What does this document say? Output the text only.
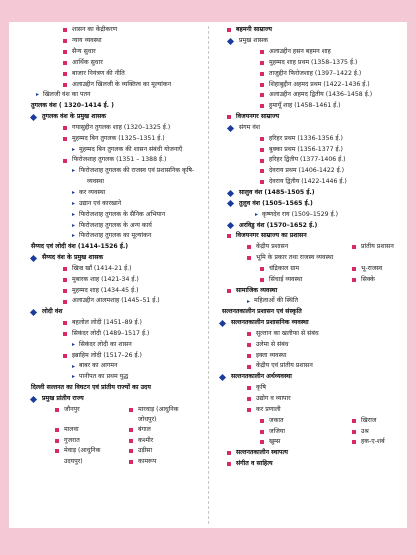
शासन का केंद्रीकरण
न्याय व्यवस्था
सैन्य सुधार
आर्थिक सुधार
बाजार नियंत्रण की नीति
अलाउद्दीन खिलजी के व्यक्तित्व का मूल्यांकन
▸ खिलजी वंश का पतन
तुगलक वंश ( 1320–1414 ई. )
तुगलक वंश के प्रमुख शासक
गयासुद्दीन तुगलक शाह (1320–1325 ई.)
मुहम्मद बिन तुगलक (1325–1351 ई.)
▸ मुहम्मद बिन तुगलक की शासन संबंधी योजनाएँ
फिरोजशाह तुगलक (1351 – 1388 ई.)
▸ फिरोजशाह तुगलक की राजस्व एवं प्रशासनिक कृषि-
व्यवस्था
▸ कर व्यवस्था
▸ उद्यान एवं कारखाने
▸ फिरोजशाह तुगलक के सैनिक अभियान
▸ फिरोजशाह तुगलक के अन्य कार्य
▸ फिरोजशाह तुगलक का मूल्यांकन
सैय्यद एवं लोदी वंश (1414-1526 ई.)
सैय्यद वंश के प्रमुख शासक
खिज्र खाँ (1414-21 ई.)
मुबारक शाह (1421-34 ई.)
मुहम्मद शाह (1434-45 ई.)
अलाउद्दीन आलमशाह (1445–51 ई.)
लोदी वंश
बहलोल लोदी (1451–89 ई.)
सिकंदर लोदी (1489–1517 ई.)
▸ सिकंदर लोदी का शासन
इब्राहिम लोदी (1517–26 ई.)
▸ बाबर का आगमन
▸ पानीपत का प्रथम युद्ध
दिल्ली सल्तनत का विघटन एवं प्रांतीय राज्यों का उदय
प्रमुख प्रांतीय राज्य
जौनपुर	मारवाड़ (आधुनिक
जोधपुर)
मालवा	बंगाल
गुजरात	कश्मीर
मेवाड़ (आधुनिक	उड़ीसा
उदयपुर)	कामरूप
बहमनी साम्राज्य
प्रमुख शासक
अलाउद्दीन हसन बहमन शाह
मुहम्मद शाह प्रथम (1358–1375 ई.)
ताजुद्दीन फिरोजशाह (1397–1422 ई.)
शिहाबुद्दीन अहमद प्रथम (1422–1436 ई.)
अलाउद्दीन अहमद द्वितीय (1436–1458 ई.)
हुमायूँ शाह (1458–1461 ई.)
विजयनगर साम्राज्य
संगम वंश
हरिहर प्रथम (1336-1356 ई.)
बुक्का प्रथम (1356-1377 ई.)
हरिहर द्वितीय (1377-1406 ई.)
देवराय प्रथम (1406-1422 ई.)
देवराय द्वितीय (1422-1446 ई.)
सालुव वंश (1485-1505 ई.)
तुलुव वंश (1505–1565 ई.)
▸ कृष्णदेव राय (1509–1529 ई.)
अरविडु वंश (1570–1652 ई.)
विजयनगर साम्राज्य का प्रशासन
केंद्रीय प्रशासन	प्रांतीय प्रशासन
भूमि के प्रकार तथा राजस्व व्यवस्था
चंद्रिकाल ग्राम	भू-राजस्व
सिंचाई व्यवस्था	सिक्के
सामाजिक व्यवस्था
▸ महिलाओं की स्थिति
सल्तनतकालीन प्रशासन एवं संस्कृति
सल्तनतकालीन प्रशासनिक व्यवस्था
सुल्तान का खलीफा से संबंध
उलेमा से संबंध
इक्ता व्यवस्था
केंद्रीय एवं प्रांतीय प्रशासन
सल्तनतकालीन अर्थव्यवस्था
कृषि
उद्योग व व्यापार
कर प्रणाली
जकात	खिराज
जजिया	उश्र
खुम्स	हक-ए-शर्ब
सल्तनतकालीन स्थापत्य
संगीत व साहित्य
